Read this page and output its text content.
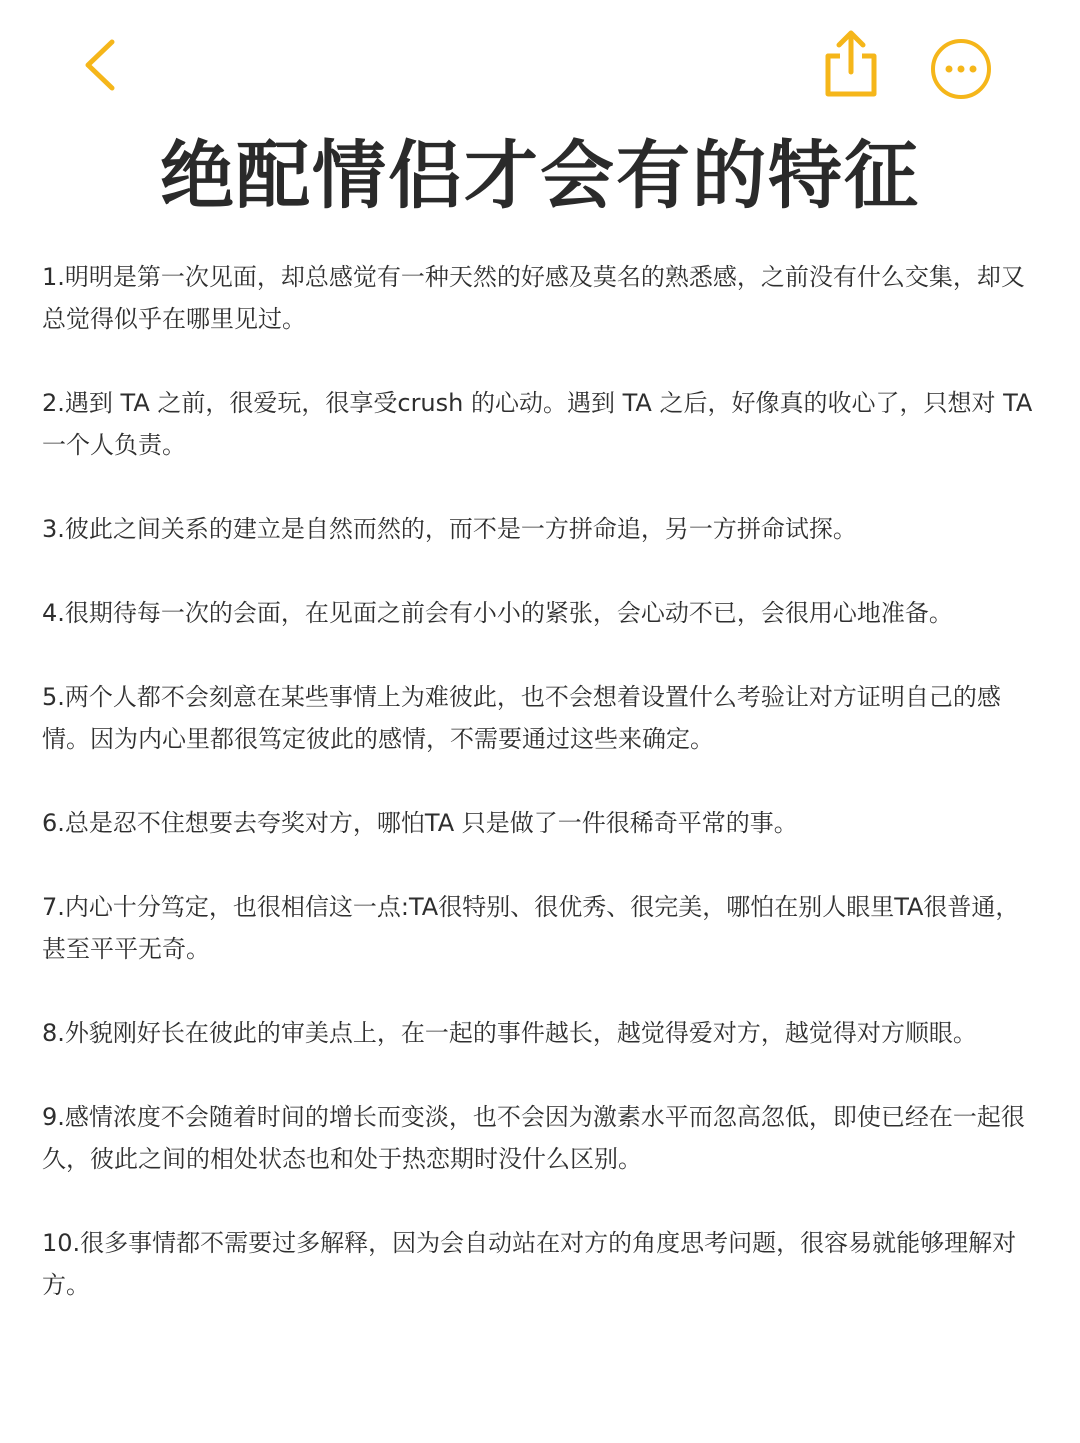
绝配情侣才会有的特征
1.明明是第一次见面，却总感觉有一种天然的好感及莫名的熟悉感，之前没有什么交集，却又总觉得似乎在哪里见过。
2.遇到 TA 之前，很爱玩，很享受crush 的心动。遇到 TA 之后，好像真的收心了，只想对 TA一个人负责。
3.彼此之间关系的建立是自然而然的，而不是一方拼命追，另一方拼命试探。
4.很期待每一次的会面，在见面之前会有小小的紧张，会心动不已，会很用心地准备。
5.两个人都不会刻意在某些事情上为难彼此，也不会想着设置什么考验让对方证明自己的感情。因为内心里都很笃定彼此的感情，不需要通过这些来确定。
6.总是忍不住想要去夸奖对方，哪怕TA 只是做了一件很稀奇平常的事。
7.内心十分笃定，也很相信这一点:TA很特别、很优秀、很完美，哪怕在别人眼里TA很普通，甚至平平无奇。
8.外貌刚好长在彼此的审美点上，在一起的事件越长，越觉得爱对方，越觉得对方顺眼。
9.感情浓度不会随着时间的增长而变淡，也不会因为激素水平而忽高忽低，即使已经在一起很久，彼此之间的相处状态也和处于热恋期时没什么区别。
10.很多事情都不需要过多解释，因为会自动站在对方的角度思考问题，很容易就能够理解对方。
